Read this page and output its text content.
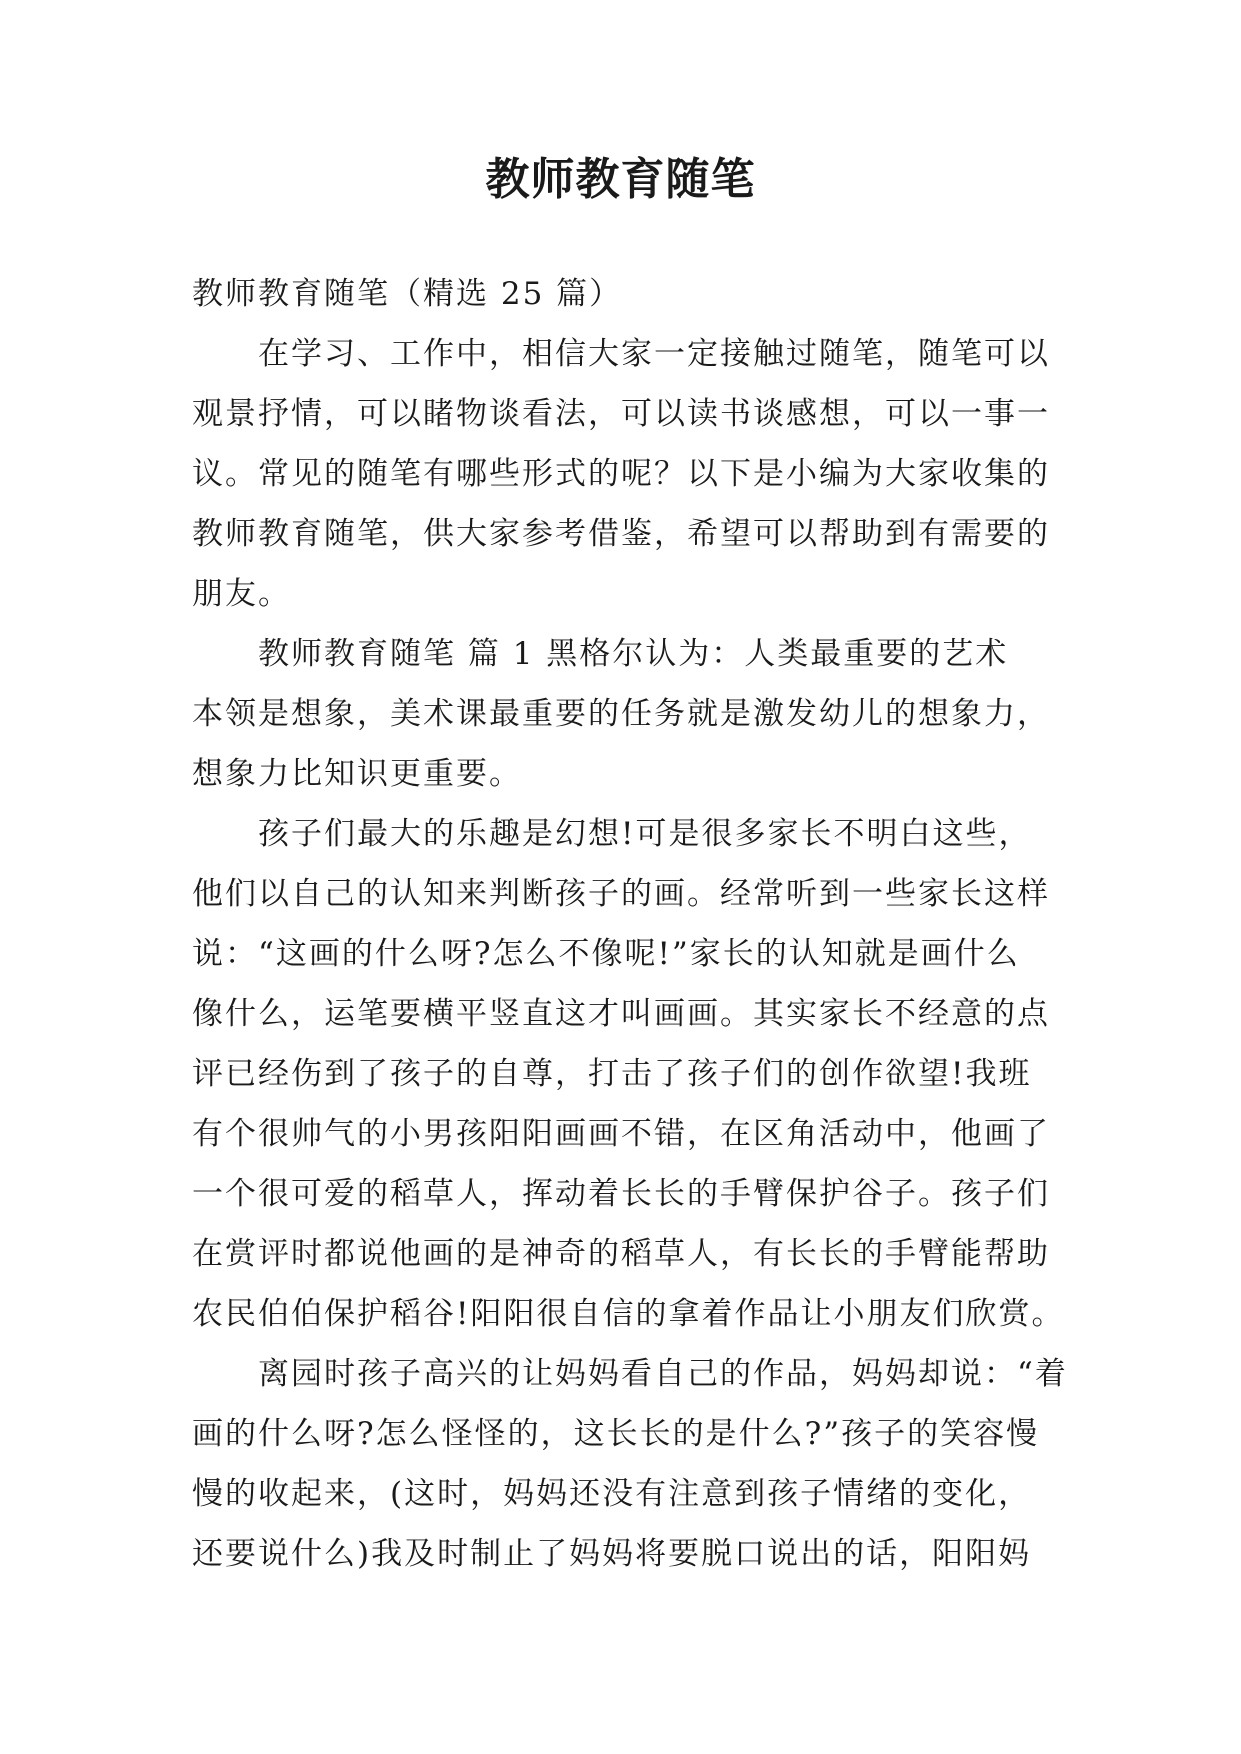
教师教育随笔
教师教育随笔（精选 25 篇）
在学习、工作中，相信大家一定接触过随笔，随笔可以
观景抒情，可以睹物谈看法，可以读书谈感想，可以一事一
议。常见的随笔有哪些形式的呢？以下是小编为大家收集的
教师教育随笔，供大家参考借鉴，希望可以帮助到有需要的
朋友。
教师教育随笔 篇 1 黑格尔认为：人类最重要的艺术
本领是想象，美术课最重要的任务就是激发幼儿的想象力，
想象力比知识更重要。
孩子们最大的乐趣是幻想!可是很多家长不明白这些，
他们以自己的认知来判断孩子的画。经常听到一些家长这样
说：“这画的什么呀?怎么不像呢!”家长的认知就是画什么
像什么，运笔要横平竖直这才叫画画。其实家长不经意的点
评已经伤到了孩子的自尊，打击了孩子们的创作欲望!我班
有个很帅气的小男孩阳阳画画不错，在区角活动中，他画了
一个很可爱的稻草人，挥动着长长的手臂保护谷子。孩子们
在赏评时都说他画的是神奇的稻草人，有长长的手臂能帮助
农民伯伯保护稻谷!阳阳很自信的拿着作品让小朋友们欣赏。
离园时孩子高兴的让妈妈看自己的作品，妈妈却说：“着
画的什么呀?怎么怪怪的，这长长的是什么?”孩子的笑容慢
慢的收起来，(这时，妈妈还没有注意到孩子情绪的变化，
还要说什么)我及时制止了妈妈将要脱口说出的话，阳阳妈
